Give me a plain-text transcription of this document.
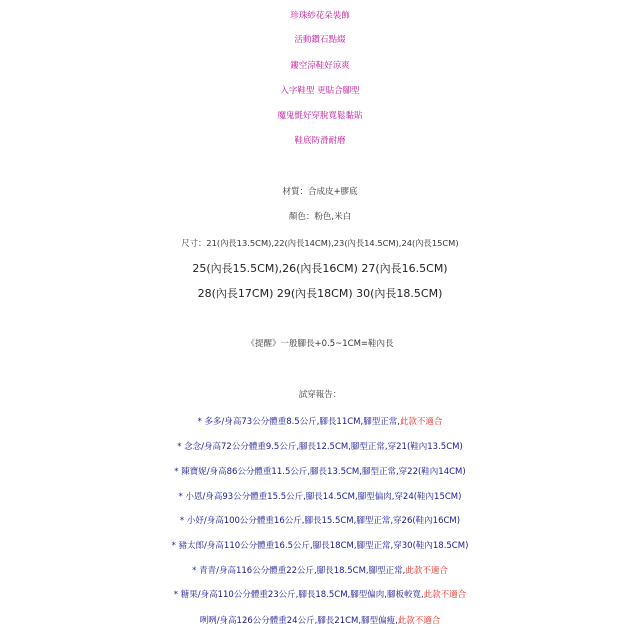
珍珠紗花朵裝飾
活動鑽石點綴
鏤空涼鞋好涼爽
入字鞋型 更貼合腳型
魔鬼氈好穿脫寬鬆黏貼
鞋底防滑耐磨
材質：合成皮+膠底
顏色：粉色,米白
尺寸：21(內長13.5CM),22(內長14CM),23(內長14.5CM),24(內長15CM)
25(內長15.5CM),26(內長16CM) 27(內長16.5CM)
28(內長17CM) 29(內長18CM) 30(內長18.5CM)
《提醒》一般腳長+0.5~1CM=鞋內長
試穿報告：
* 多多/身高73公分體重8.5公斤,腳長11CM,腳型正常,此款不適合
* 念念/身高72公分體重9.5公斤,腳長12.5CM,腳型正常,穿21(鞋內13.5CM)
* 陳寶妮/身高86公分體重11.5公斤,腳長13.5CM,腳型正常,穿22(鞋內14CM)
* 小恩/身高93公分體重15.5公斤,腳長14.5CM,腳型偏肉,穿24(鞋內15CM)
* 小妤/身高100公分體重16公斤,腳長15.5CM,腳型正常,穿26(鞋內16CM)
* 豬太郎/身高110公分體重16.5公斤,腳長18CM,腳型正常,穿30(鞋內18.5CM)
* 青青/身高116公分體重22公斤,腳長18.5CM,腳型正常,此款不適合
* 糖果/身高110公分體重23公斤,腳長18.5CM,腳型偏肉,腳板較寬,此款不適合
咧咧/身高126公分體重24公斤,腳長21CM,腳型偏瘦,此款不適合
